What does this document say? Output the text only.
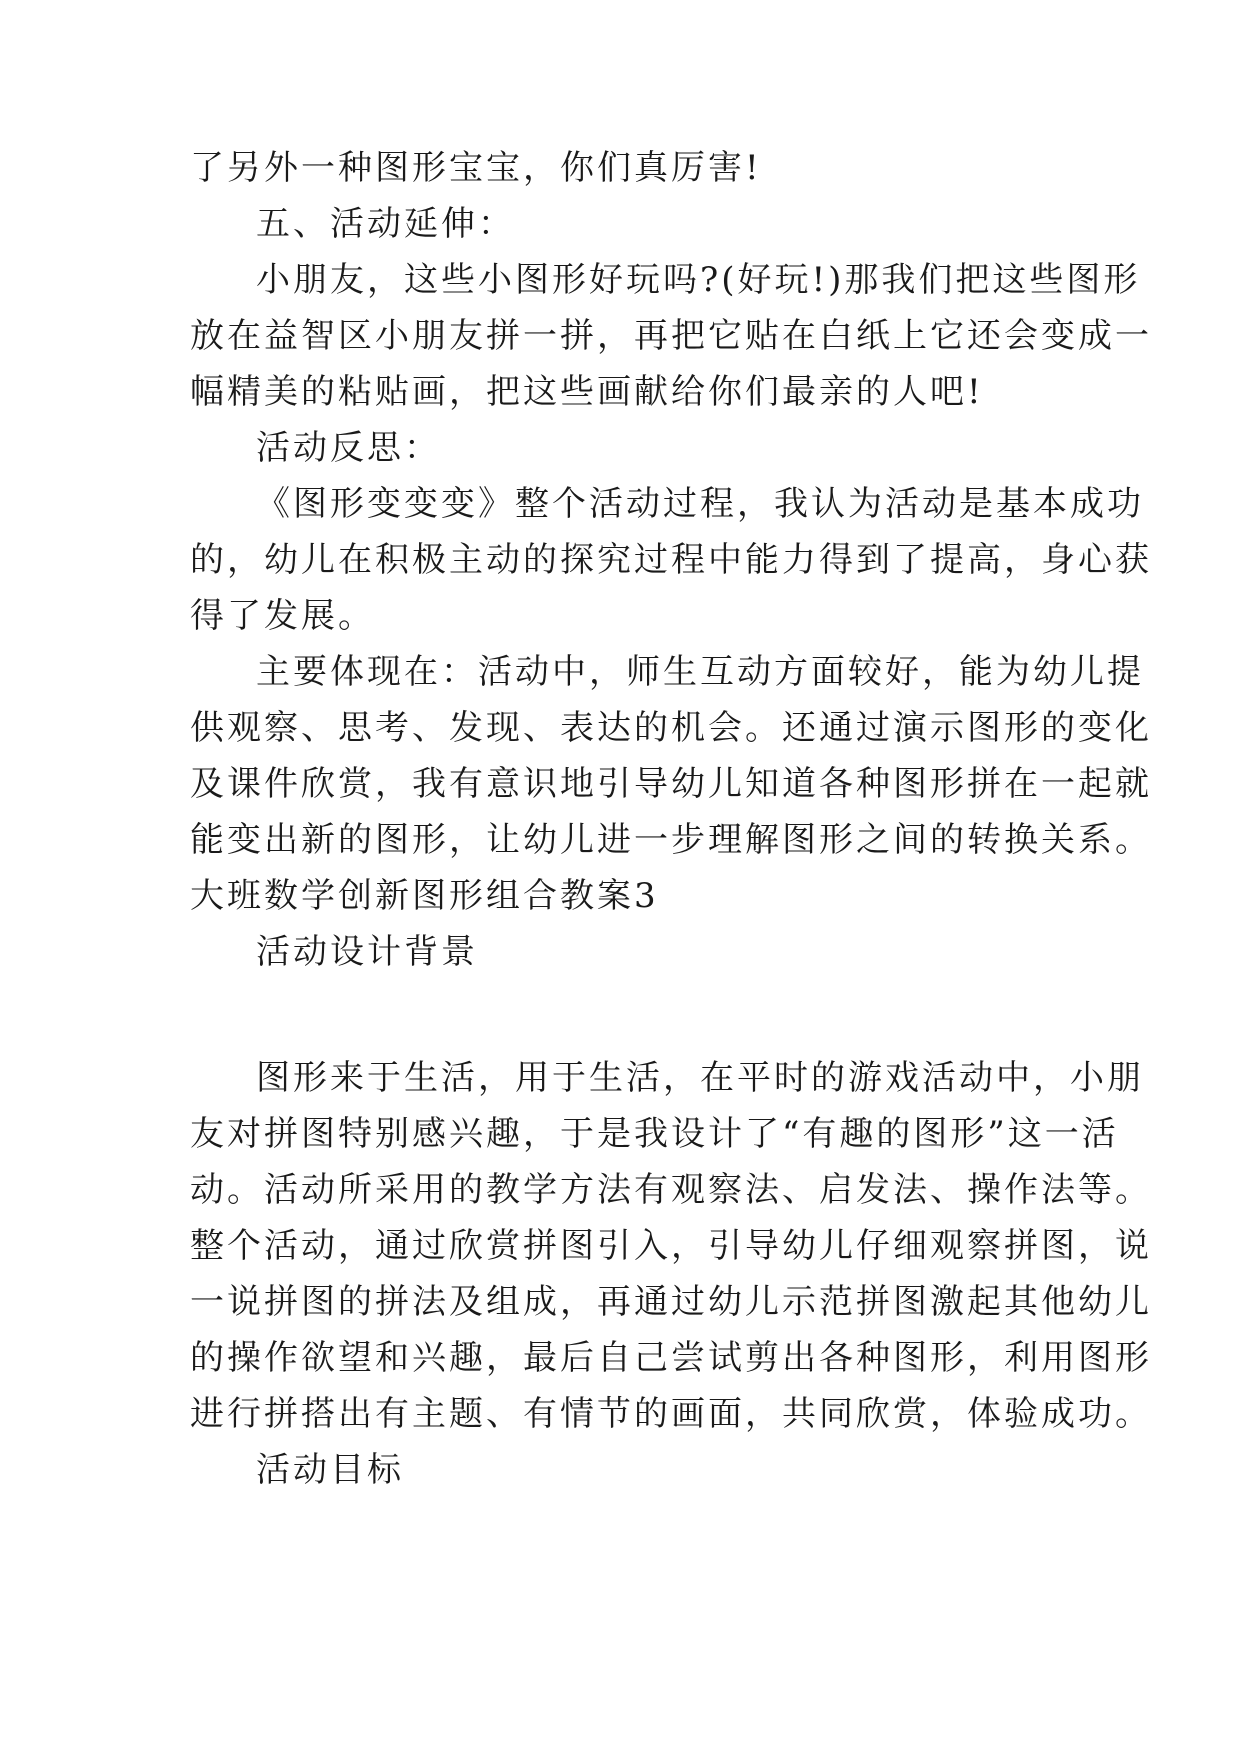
了另外一种图形宝宝，你们真厉害!
五、活动延伸：
小朋友，这些小图形好玩吗?(好玩!)那我们把这些图形
放在益智区小朋友拼一拼，再把它贴在白纸上它还会变成一
幅精美的粘贴画，把这些画献给你们最亲的人吧!
活动反思：
《图形变变变》整个活动过程，我认为活动是基本成功
的，幼儿在积极主动的探究过程中能力得到了提高，身心获
得了发展。
主要体现在：活动中，师生互动方面较好，能为幼儿提
供观察、思考、发现、表达的机会。还通过演示图形的变化
及课件欣赏，我有意识地引导幼儿知道各种图形拼在一起就
能变出新的图形，让幼儿进一步理解图形之间的转换关系。
大班数学创新图形组合教案3
活动设计背景
图形来于生活，用于生活，在平时的游戏活动中，小朋
友对拼图特别感兴趣，于是我设计了“有趣的图形”这一活
动。活动所采用的教学方法有观察法、启发法、操作法等。
整个活动，通过欣赏拼图引入，引导幼儿仔细观察拼图，说
一说拼图的拼法及组成，再通过幼儿示范拼图激起其他幼儿
的操作欲望和兴趣，最后自己尝试剪出各种图形，利用图形
进行拼搭出有主题、有情节的画面，共同欣赏，体验成功。
活动目标
